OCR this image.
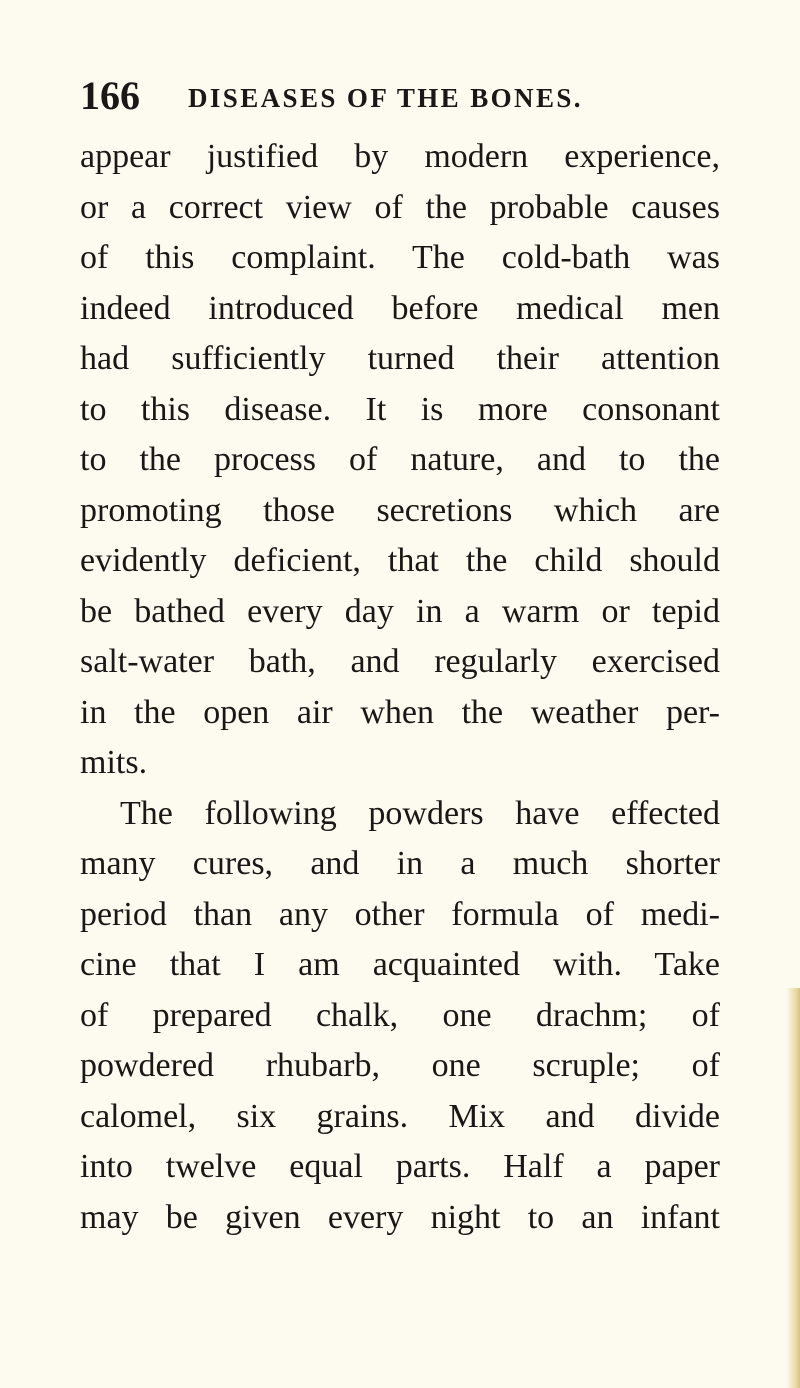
166 DISEASES OF THE BONES.
appear justified by modern experience,
or a correct view of the probable causes
of this complaint. The cold-bath was
indeed introduced before medical men
had sufficiently turned their attention
to this disease. It is more consonant
to the process of nature, and to the
promoting those secretions which are
evidently deficient, that the child should
be bathed every day in a warm or tepid
salt-water bath, and regularly exercised
in the open air when the weather per-
mits.
The following powders have effected
many cures, and in a much shorter
period than any other formula of medi-
cine that I am acquainted with. Take
of prepared chalk, one drachm; of
powdered rhubarb, one scruple; of
calomel, six grains. Mix and divide
into twelve equal parts. Half a paper
may be given every night to an infant
